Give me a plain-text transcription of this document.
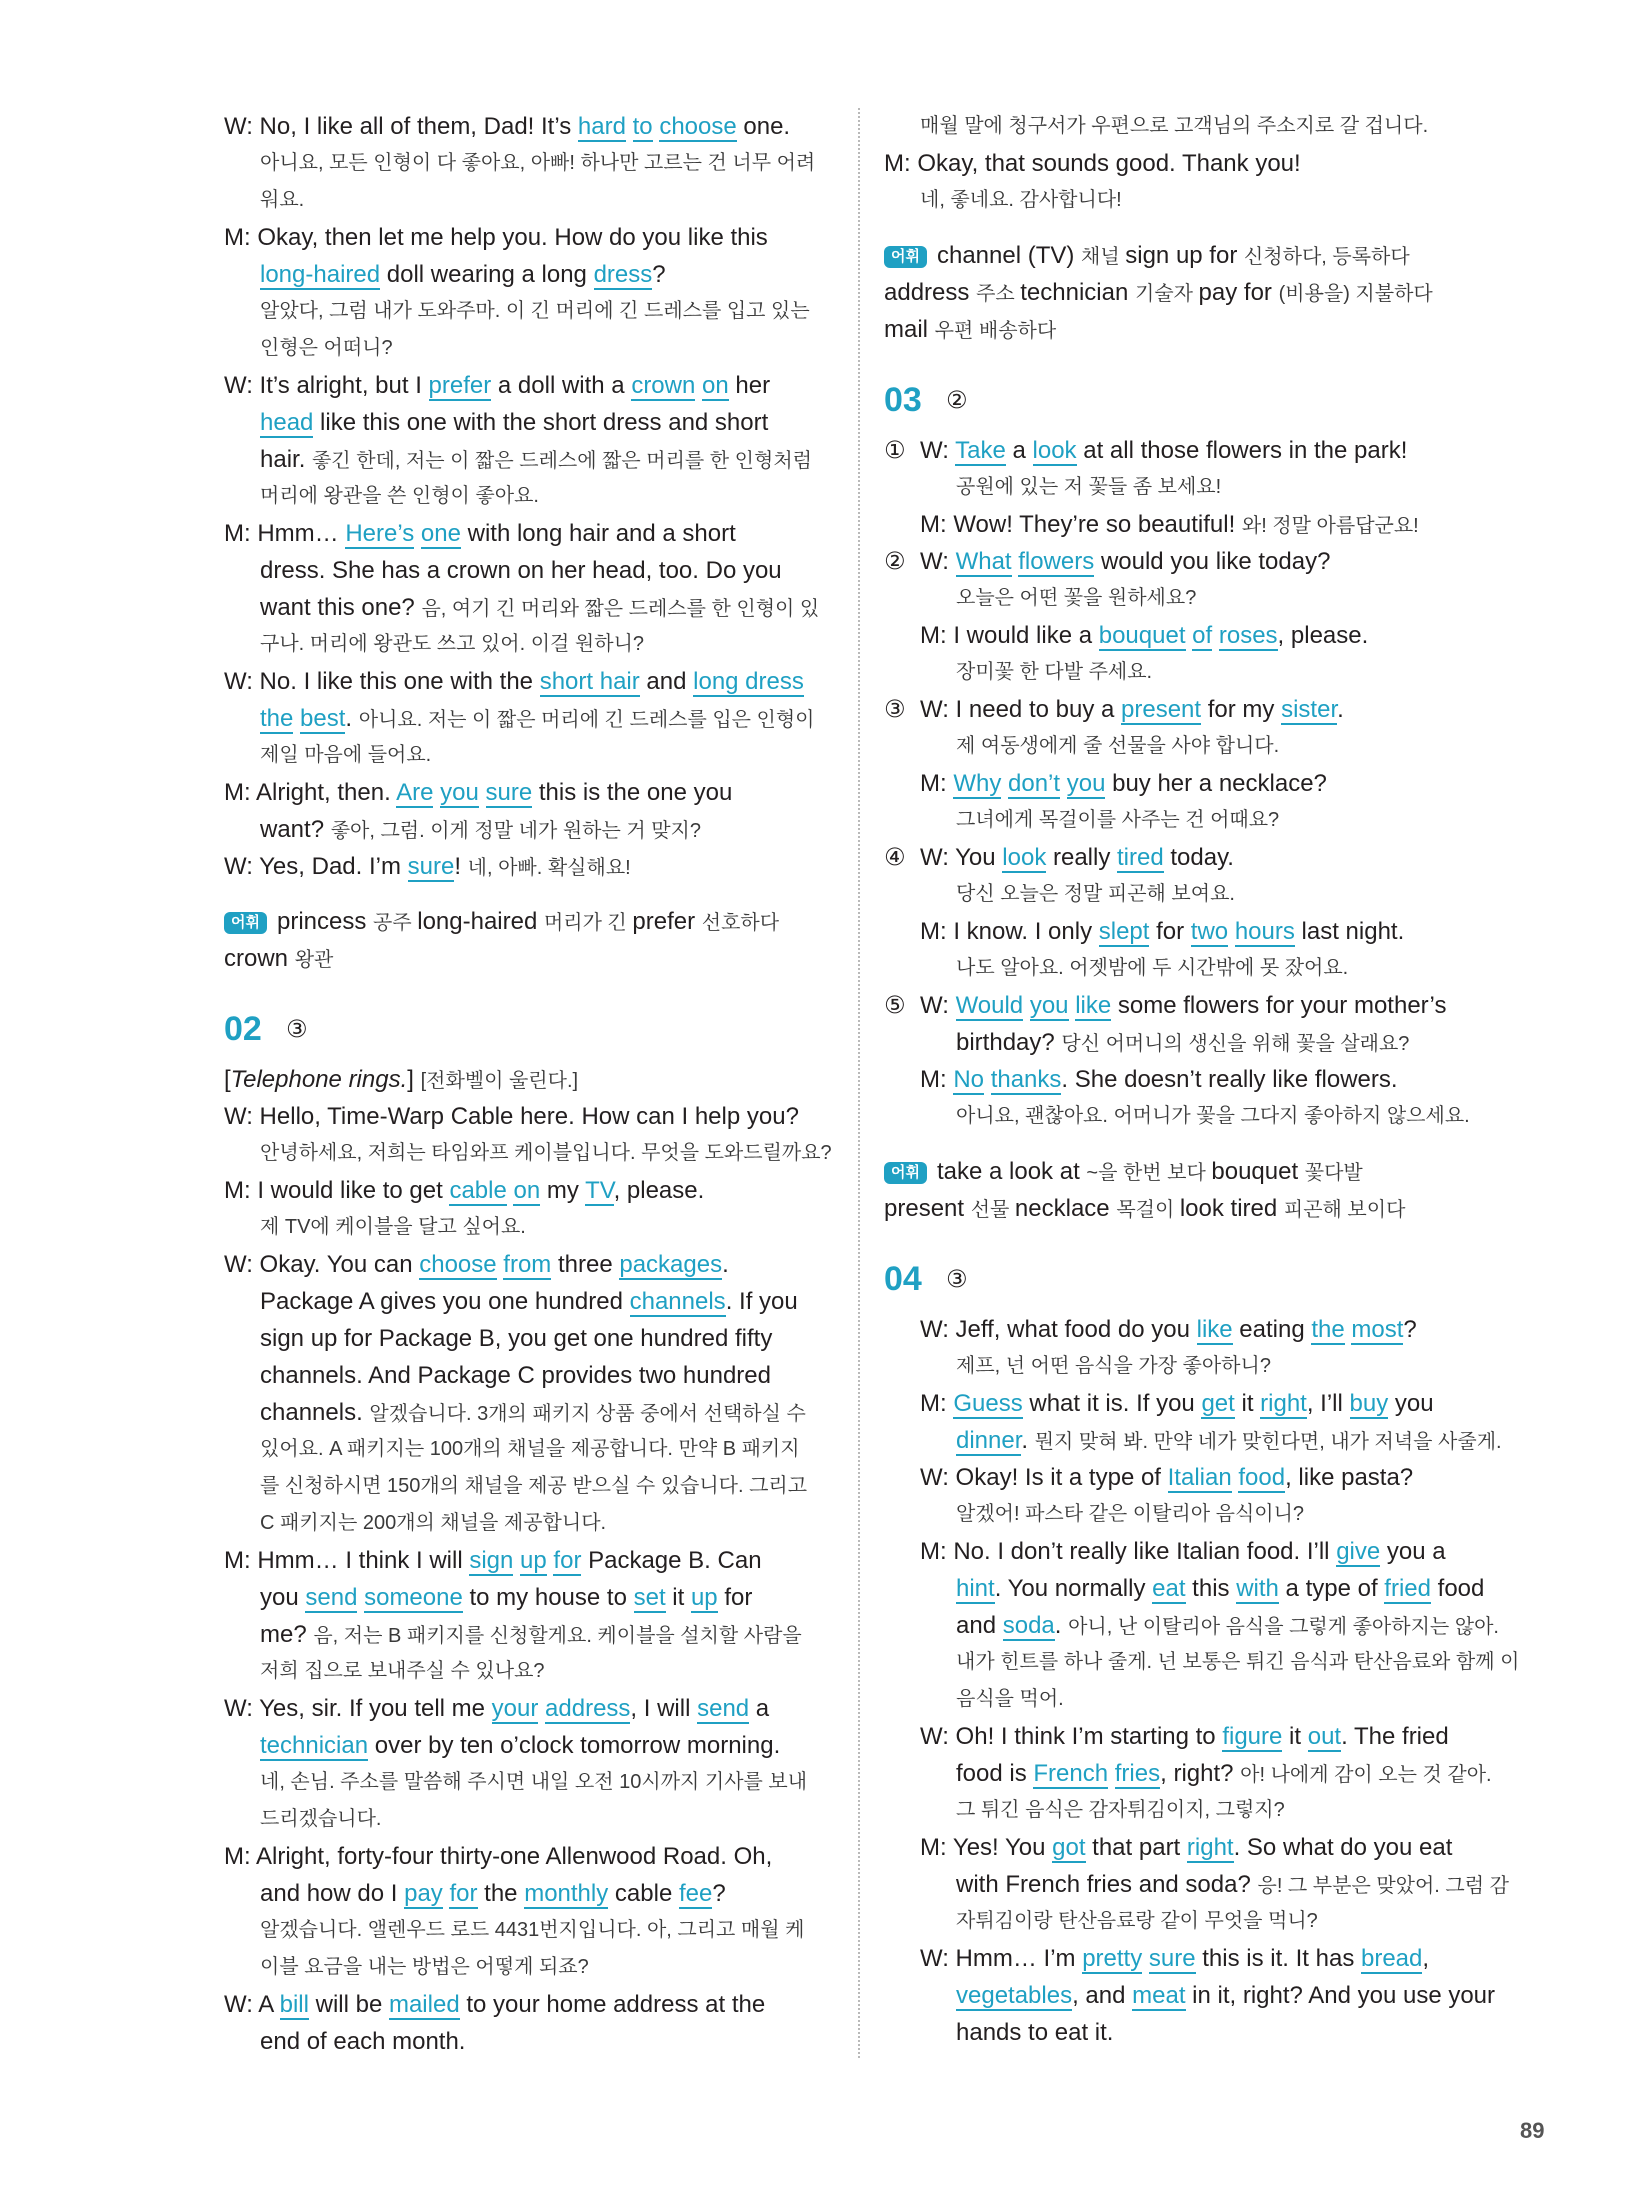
W: No, I like all of them, Dad! It’s hard to choose one.
아니요, 모든 인형이 다 좋아요, 아빠! 하나만 고르는 건 너무 어려
워요.
M: Okay, then let me help you. How do you like this
long-haired doll wearing a long dress?
알았다, 그럼 내가 도와주마. 이 긴 머리에 긴 드레스를 입고 있는
인형은 어떠니?
W: It’s alright, but I prefer a doll with a crown on her
head like this one with the short dress and short
hair. 좋긴 한데, 저는 이 짧은 드레스에 짧은 머리를 한 인형처럼
머리에 왕관을 쓴 인형이 좋아요.
M: Hmm… Here’s one with long hair and a short
dress. She has a crown on her head, too. Do you
want this one? 음, 여기 긴 머리와 짧은 드레스를 한 인형이 있
구나. 머리에 왕관도 쓰고 있어. 이걸 원하니?
W: No. I like this one with the short hair and long dress
the best. 아니요. 저는 이 짧은 머리에 긴 드레스를 입은 인형이
제일 마음에 들어요.
M: Alright, then. Are you sure this is the one you
want? 좋아, 그럼. 이게 정말 네가 원하는 거 맞지?
W: Yes, Dad. I’m sure! 네, 아빠. 확실해요!
어휘 princess 공주 long-haired 머리가 긴 prefer 선호하다
crown 왕관
02	③
[Telephone rings.] [전화벨이 울린다.]
W: Hello, Time-Warp Cable here. How can I help you?
안녕하세요, 저희는 타임와프 케이블입니다. 무엇을 도와드릴까요?
M: I would like to get cable on my TV, please.
제 TV에 케이블을 달고 싶어요.
W: Okay. You can choose from three packages.
Package A gives you one hundred channels. If you
sign up for Package B, you get one hundred fifty
channels. And Package C provides two hundred
channels. 알겠습니다. 3개의 패키지 상품 중에서 선택하실 수
있어요. A 패키지는 100개의 채널을 제공합니다. 만약 B 패키지
를 신청하시면 150개의 채널을 제공 받으실 수 있습니다. 그리고
C 패키지는 200개의 채널을 제공합니다.
M: Hmm… I think I will sign up for Package B. Can
you send someone to my house to set it up for
me? 음, 저는 B 패키지를 신청할게요. 케이블을 설치할 사람을
저희 집으로 보내주실 수 있나요?
W: Yes, sir. If you tell me your address, I will send a
technician over by ten o’clock tomorrow morning.
네, 손님. 주소를 말씀해 주시면 내일 오전 10시까지 기사를 보내
드리겠습니다.
M: Alright, forty-four thirty-one Allenwood Road. Oh,
and how do I pay for the monthly cable fee?
알겠습니다. 앨렌우드 로드 4431번지입니다. 아, 그리고 매월 케
이블 요금을 내는 방법은 어떻게 되죠?
W: A bill will be mailed to your home address at the
end of each month.
매월 말에 청구서가 우편으로 고객님의 주소지로 갈 겁니다.
M: Okay, that sounds good. Thank you!
네, 좋네요. 감사합니다!
어휘 channel (TV) 채널 sign up for 신청하다, 등록하다
address 주소 technician 기술자 pay for (비용을) 지불하다
mail 우편 배송하다
03	②
① W: Take a look at all those flowers in the park!
공원에 있는 저 꽃들 좀 보세요!
M: Wow! They’re so beautiful! 와! 정말 아름답군요!
② W: What flowers would you like today?
오늘은 어떤 꽃을 원하세요?
M: I would like a bouquet of roses, please.
장미꽃 한 다발 주세요.
③ W: I need to buy a present for my sister.
제 여동생에게 줄 선물을 사야 합니다.
M: Why don’t you buy her a necklace?
그녀에게 목걸이를 사주는 건 어때요?
④ W: You look really tired today.
당신 오늘은 정말 피곤해 보여요.
M: I know. I only slept for two hours last night.
나도 알아요. 어젯밤에 두 시간밖에 못 잤어요.
⑤ W: Would you like some flowers for your mother’s
birthday? 당신 어머니의 생신을 위해 꽃을 살래요?
M: No thanks. She doesn’t really like flowers.
아니요, 괜찮아요. 어머니가 꽃을 그다지 좋아하지 않으세요.
어휘 take a look at ~을 한번 보다 bouquet 꽃다발
present 선물 necklace 목걸이 look tired 피곤해 보이다
04	③
W: Jeff, what food do you like eating the most?
제프, 넌 어떤 음식을 가장 좋아하니?
M: Guess what it is. If you get it right, I’ll buy you
dinner. 뭔지 맞혀 봐. 만약 네가 맞힌다면, 내가 저녁을 사줄게.
W: Okay! Is it a type of Italian food, like pasta?
알겠어! 파스타 같은 이탈리아 음식이니?
M: No. I don’t really like Italian food. I’ll give you a
hint. You normally eat this with a type of fried food
and soda. 아니, 난 이탈리아 음식을 그렇게 좋아하지는 않아.
내가 힌트를 하나 줄게. 넌 보통은 튀긴 음식과 탄산음료와 함께 이
음식을 먹어.
W: Oh! I think I’m starting to figure it out. The fried
food is French fries, right? 아! 나에게 감이 오는 것 같아.
그 튀긴 음식은 감자튀김이지, 그렇지?
M: Yes! You got that part right. So what do you eat
with French fries and soda? 응! 그 부분은 맞았어. 그럼 감
자튀김이랑 탄산음료랑 같이 무엇을 먹니?
W: Hmm… I’m pretty sure this is it. It has bread,
vegetables, and meat in it, right? And you use your
hands to eat it.
89
